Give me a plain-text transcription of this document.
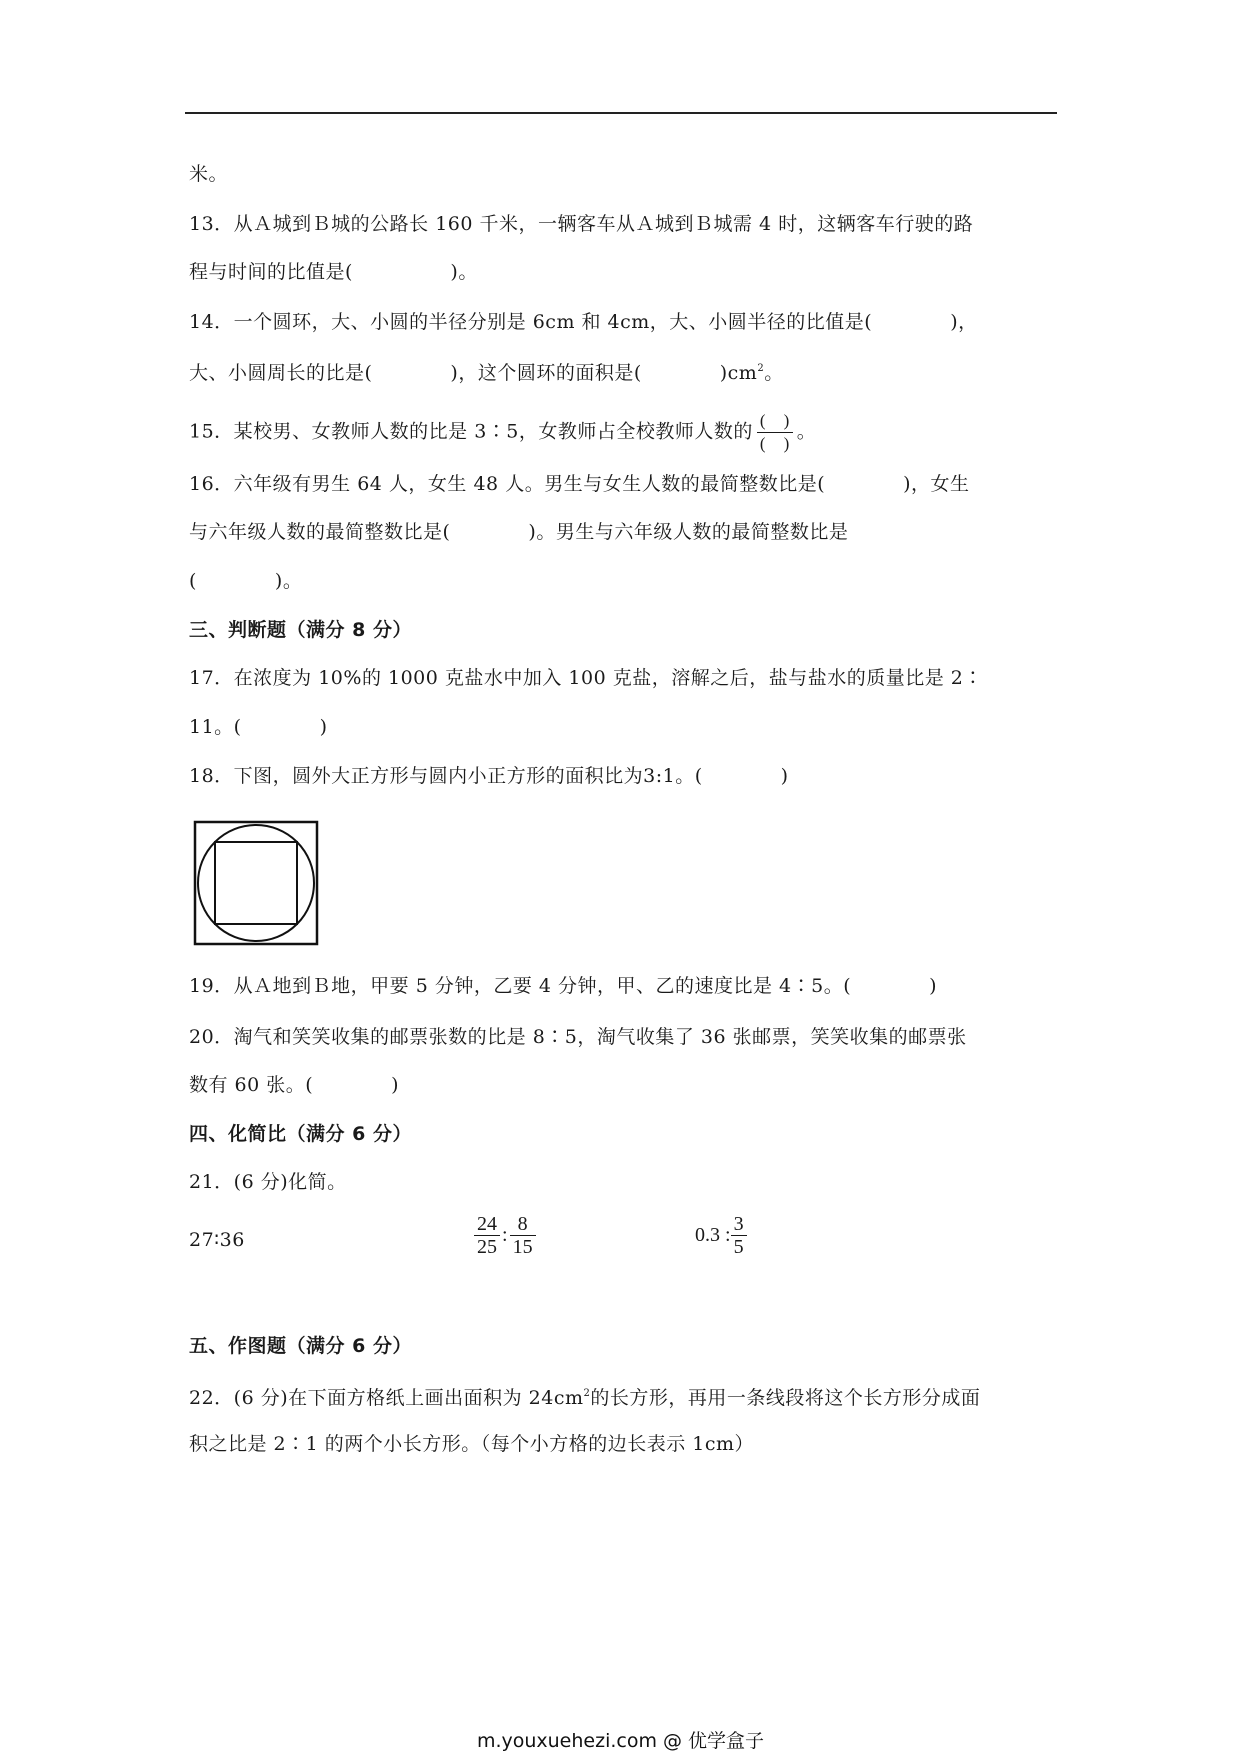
米。
13．从Ａ城到Ｂ城的公路长 160 千米，一辆客车从Ａ城到Ｂ城需 4 时，这辆客车行驶的路
程与时间的比值是(　　　　　)。
14．一个圆环，大、小圆的半径分别是 6cm 和 4cm，大、小圆半径的比值是(　　　　)，
大、小圆周长的比是(　　　　)，这个圆环的面积是(　　　　)$cm^2$。
15．某校男、女教师人数的比是 3∶5，女教师占全校教师人数的 $\frac{( )}{( )}$ 。
16．六年级有男生 64 人，女生 48 人。男生与女生人数的最简整数比是(　　　　)，女生
与六年级人数的最简整数比是(　　　　)。男生与六年级人数的最简整数比是
(　　　　)。
三、判断题（满分 8 分）
17．在浓度为 10%的 1000 克盐水中加入 100 克盐，溶解之后，盐与盐水的质量比是 2∶
11。(　　　　)
18．下图，圆外大正方形与圆内小正方形的面积比为3:1。(　　　　)
19．从Ａ地到Ｂ地，甲要 5 分钟，乙要 4 分钟，甲、乙的速度比是 4∶5。(　　　　)
20．淘气和笑笑收集的邮票张数的比是 8∶5，淘气收集了 36 张邮票，笑笑收集的邮票张
数有 60 张。(　　　　)
四、化简比（满分 6 分）
21．(6 分)化简。
27∶36	$\frac{24}{25}$ : $\frac{8}{15}$	0.3 : $\frac{3}{5}$
五、作图题（满分 6 分）
22．(6 分)在下面方格纸上画出面积为 $24cm^2$的长方形，再用一条线段将这个长方形分成面
积之比是 2∶1 的两个小长方形。（每个小方格的边长表示 1cm）
m.youxuehezi.com @ 优学盒子
